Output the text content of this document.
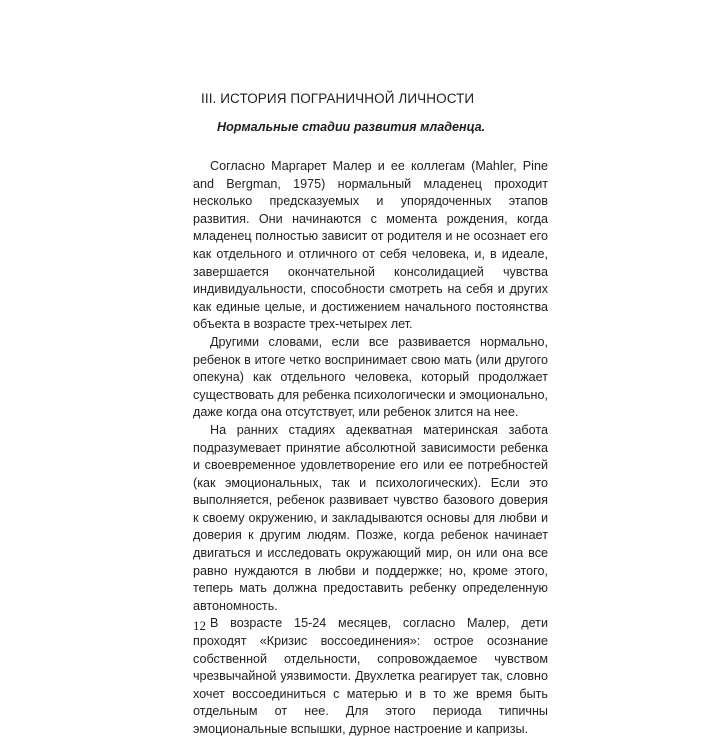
III. ИСТОРИЯ ПОГРАНИЧНОЙ ЛИЧНОСТИ
Нормальные стадии развития младенца.

Согласно Маргарет Малер и ее коллегам (Mahler, Pine and Bergman, 1975) нормальный младенец проходит несколько предсказуемых и упорядоченных этапов развития. Они начинаются с момента рождения, когда младенец полностью зависит от родителя и не осознает его как отдельного и отличного от себя человека, и, в идеале, завершается окончательной консолидацией чувства индивидуальности, способности смотреть на себя и других как единые целые, и достижением начального постоянства объекта в возрасте трех-четырех лет.

Другими словами, если все развивается нормально, ребенок в итоге четко воспринимает свою мать (или другого опекуна) как отдельного человека, который продолжает существовать для ребенка психологически и эмоционально, даже когда она отсутствует, или ребенок злится на нее.

На ранних стадиях адекватная материнская забота подразумевает принятие абсолютной зависимости ребенка и своевременное удовлетворение его или ее потребностей (как эмоциональных, так и психологических). Если это выполняется, ребенок развивает чувство базового доверия к своему окружению, и закладываются основы для любви и доверия к другим людям. Позже, когда ребенок начинает двигаться и исследовать окружающий мир, он или она все равно нуждаются в любви и поддержке; но, кроме этого, теперь мать должна предоставить ребенку определенную автономность.

В возрасте 15-24 месяцев, согласно Малер, дети проходят «Кризис воссоединения»: острое осознание собственной отдельности, сопровождаемое чувством чрезвычайной уязвимости. Двухлетка реагирует так, словно хочет воссоединиться с матерью и в то же время быть отдельным от нее. Для этого периода типичны эмоциональные вспышки, дурное настроение и капризы.

12
